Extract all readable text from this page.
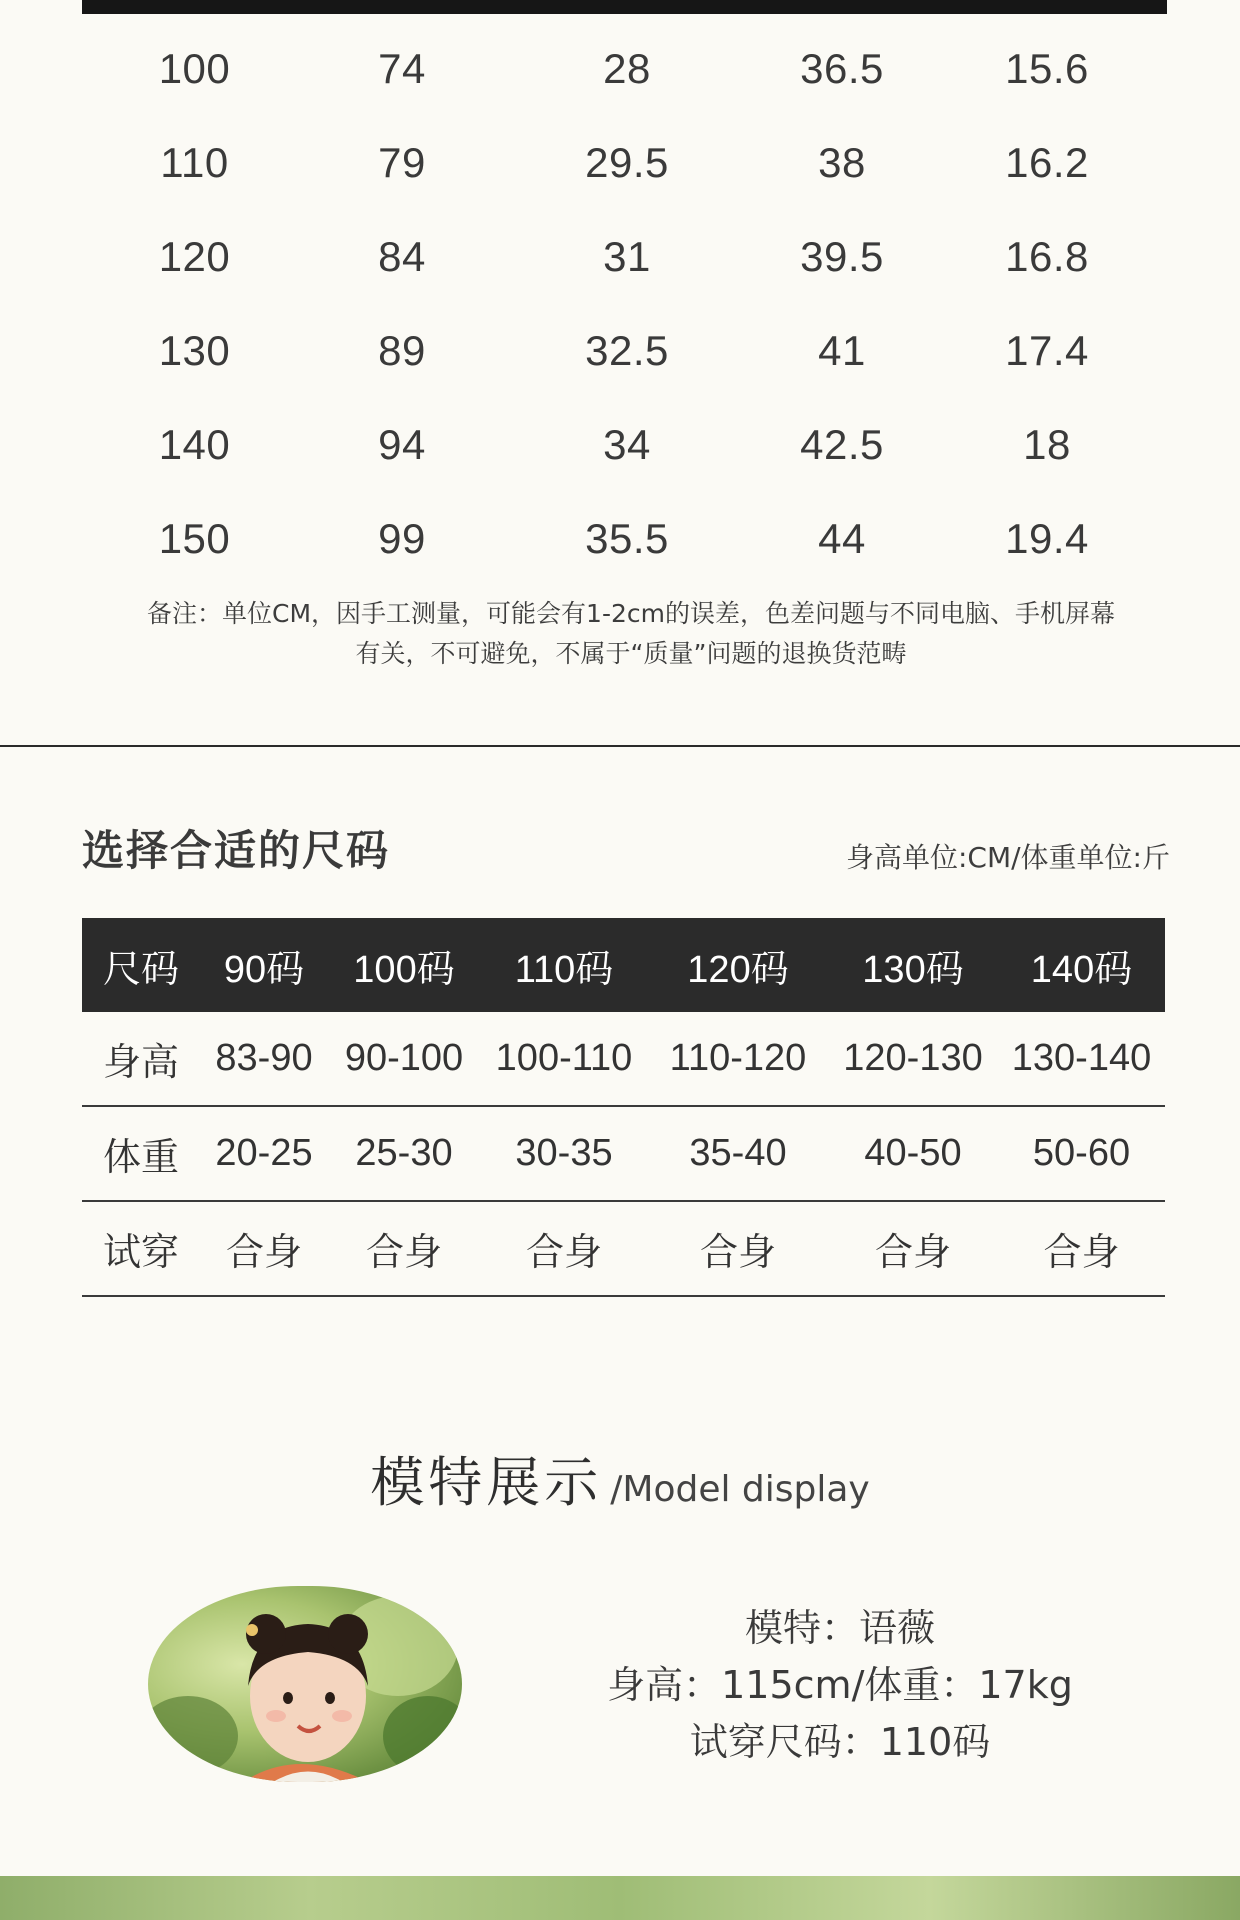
100	74	28	36.5	15.6
110	79	29.5	38	16.2
120	84	31	39.5	16.8
130	89	32.5	41	17.4
140	94	34	42.5	18
150	99	35.5	44	19.4
备注：单位CM，因手工测量，可能会有1-2cm的误差，色差问题与不同电脑、手机屏幕
有关，不可避免，不属于“质量”问题的退换货范畴
选择合适的尺码	身高单位:CM/体重单位:斤
尺码	90码	100码	110码	120码	130码	140码
身高 83-90 90-100 100-110 110-120 120-130 130-140
体重 20-25	25-30	30-35	35-40	40-50	50-60
试穿	合身	合身	合身	合身	合身	合身
模特展示 /Model display
模特：语薇
身高：115cm/体重：17kg
试穿尺码：110码
